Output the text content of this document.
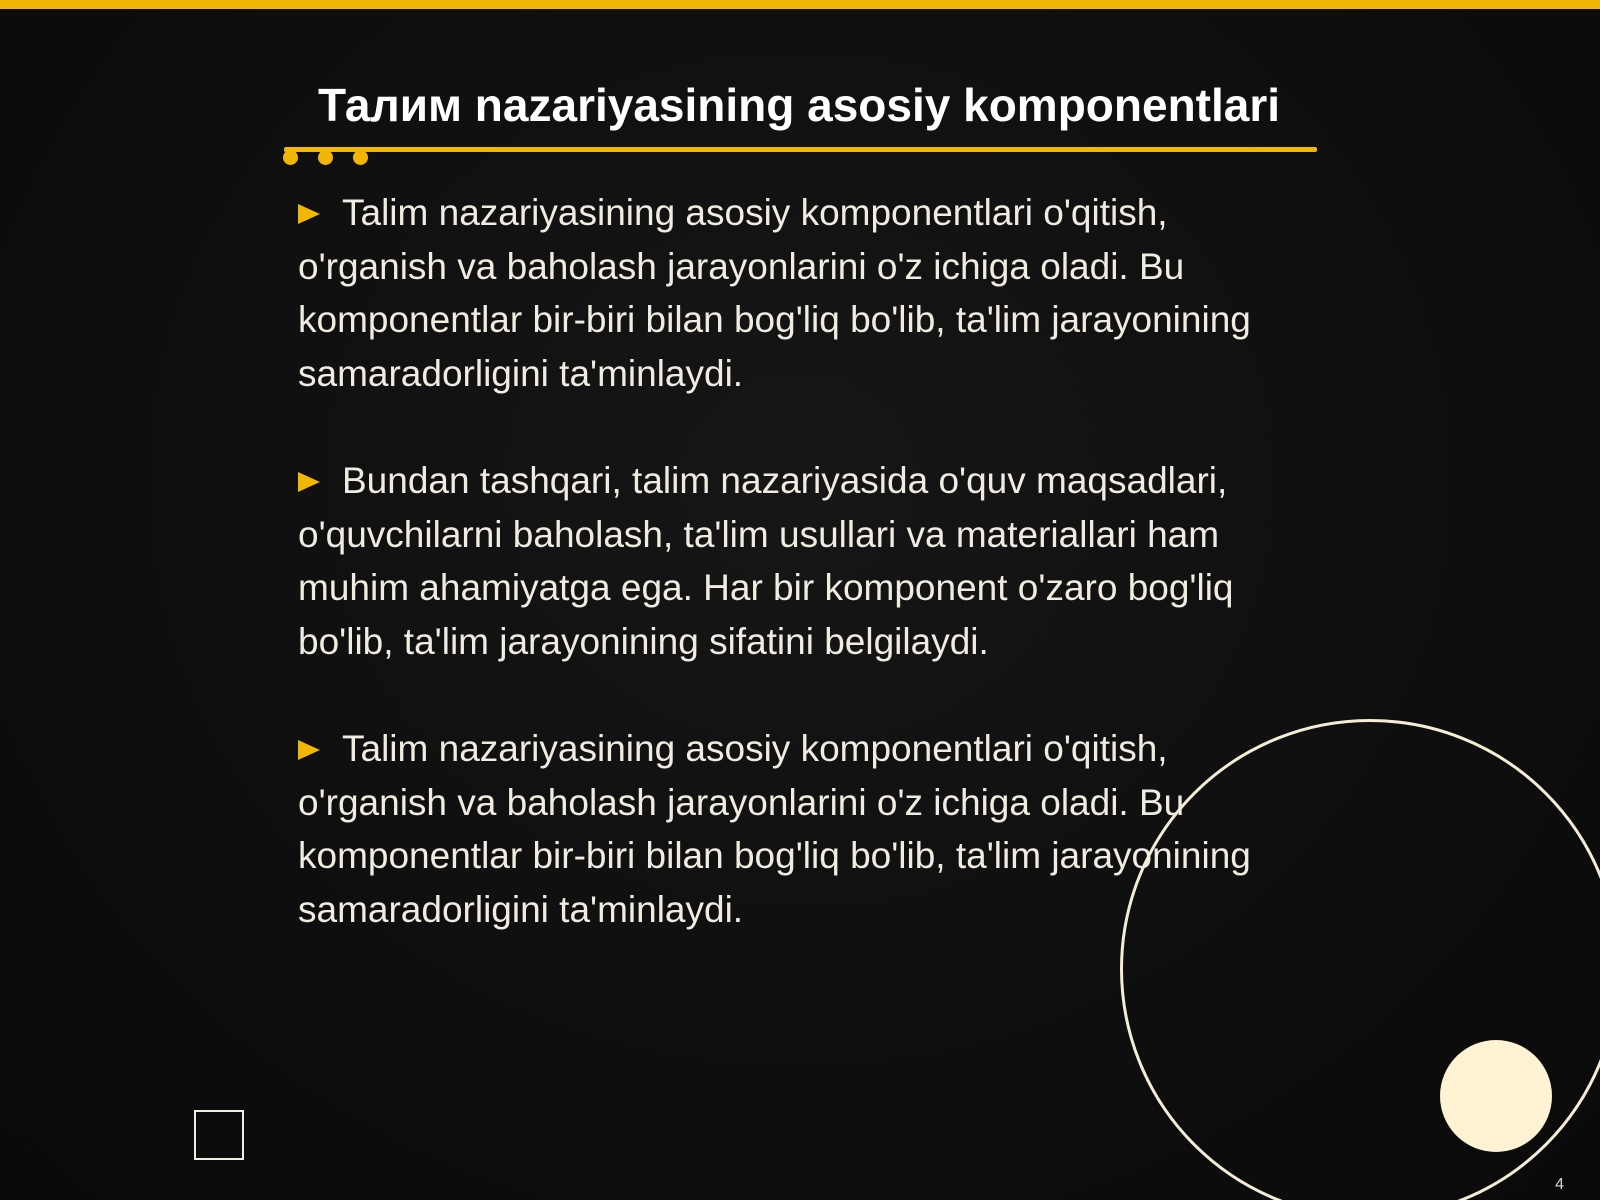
Талим nazariyasining asosiy komponentlari

Talim nazariyasining asosiy komponentlari o'qitish, o'rganish va baholash jarayonlarini o'z ichiga oladi. Bu komponentlar bir-biri bilan bog'liq bo'lib, ta'lim jarayonining samaradorligini ta'minlaydi.

Bundan tashqari, talim nazariyasida o'quv maqsadlari, o'quvchilarni baholash, ta'lim usullari va materiallari ham muhim ahamiyatga ega. Har bir komponent o'zaro bog'liq bo'lib, ta'lim jarayonining sifatini belgilaydi.

Talim nazariyasining asosiy komponentlari o'qitish, o'rganish va baholash jarayonlarini o'z ichiga oladi. Bu komponentlar bir-biri bilan bog'liq bo'lib, ta'lim jarayonining samaradorligini ta'minlaydi.

4
